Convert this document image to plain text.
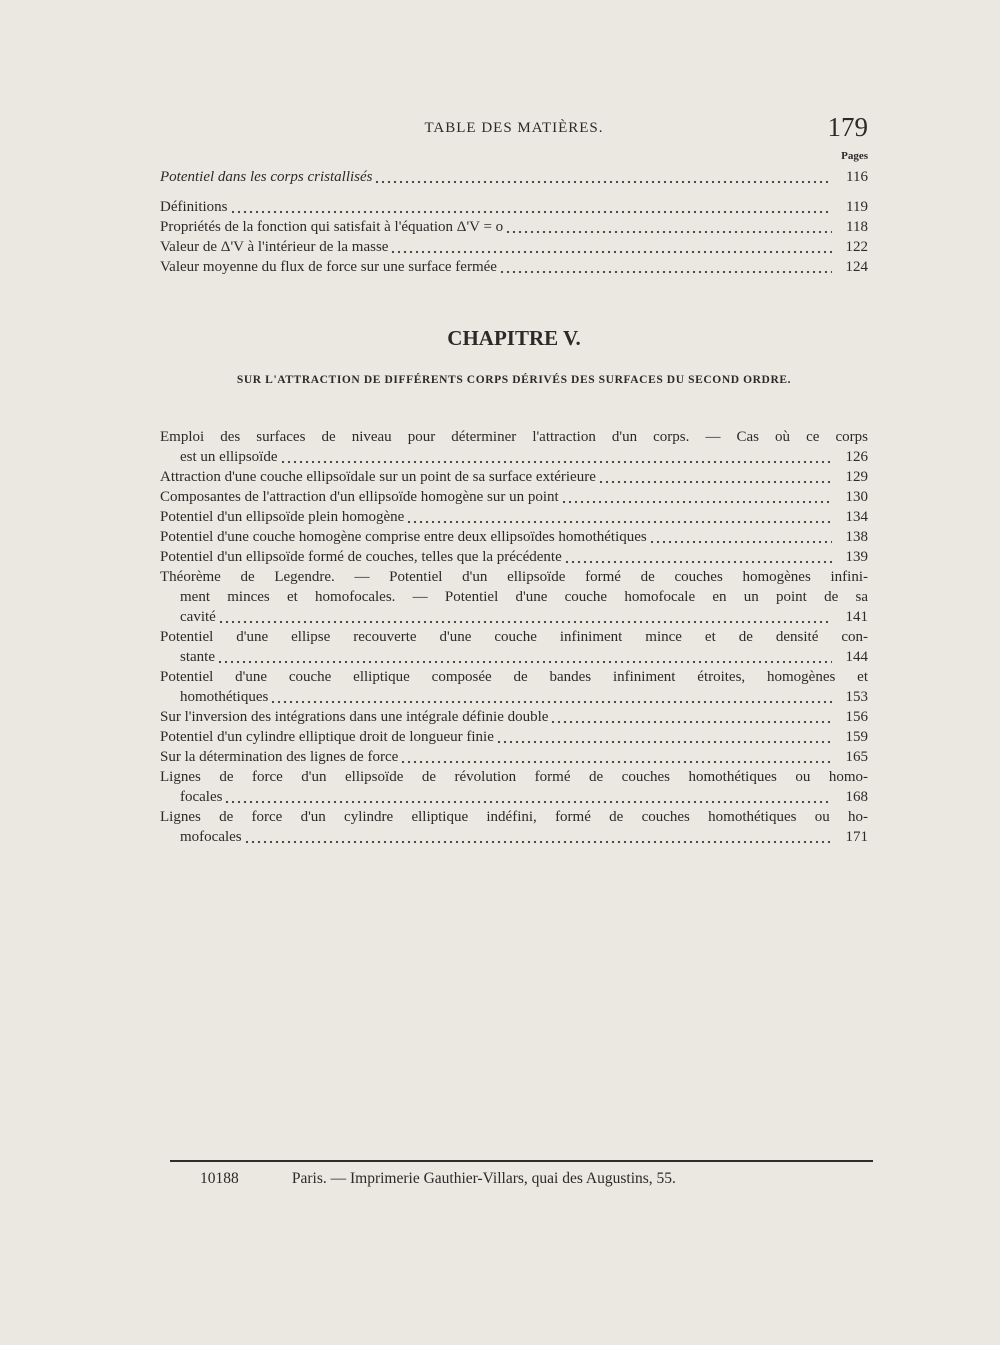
TABLE DES MATIÈRES.	179
Pages
Potentiel dans les corps cristallisés	116
Définitions	119
Propriétés de la fonction qui satisfait à l'équation Δ'V = o	118
Valeur de Δ'V à l'intérieur de la masse	122
Valeur moyenne du flux de force sur une surface fermée	124
CHAPITRE V.
SUR L'ATTRACTION DE DIFFÉRENTS CORPS DÉRIVÉS DES SURFACES DU SECOND ORDRE.
Emploi des surfaces de niveau pour déterminer l'attraction d'un corps. — Cas où ce corps
est un ellipsoïde	126
Attraction d'une couche ellipsoïdale sur un point de sa surface extérieure	129
Composantes de l'attraction d'un ellipsoïde homogène sur un point	130
Potentiel d'un ellipsoïde plein homogène	134
Potentiel d'une couche homogène comprise entre deux ellipsoïdes homothétiques	138
Potentiel d'un ellipsoïde formé de couches, telles que la précédente	139
Théorème de Legendre. — Potentiel d'un ellipsoïde formé de couches homogènes infini-
ment minces et homofocales. — Potentiel d'une couche homofocale en un point de sa
cavité	141
Potentiel d'une ellipse recouverte d'une couche infiniment mince et de densité con-
stante	144
Potentiel d'une couche elliptique composée de bandes infiniment étroites, homogènes et
homothétiques	153
Sur l'inversion des intégrations dans une intégrale définie double	156
Potentiel d'un cylindre elliptique droit de longueur finie	159
Sur la détermination des lignes de force	165
Lignes de force d'un ellipsoïde de révolution formé de couches homothétiques ou homo-
focales	168
Lignes de force d'un cylindre elliptique indéfini, formé de couches homothétiques ou ho-
mofocales	171
10188	Paris. — Imprimerie Gauthier-Villars, quai des Augustins, 55.
